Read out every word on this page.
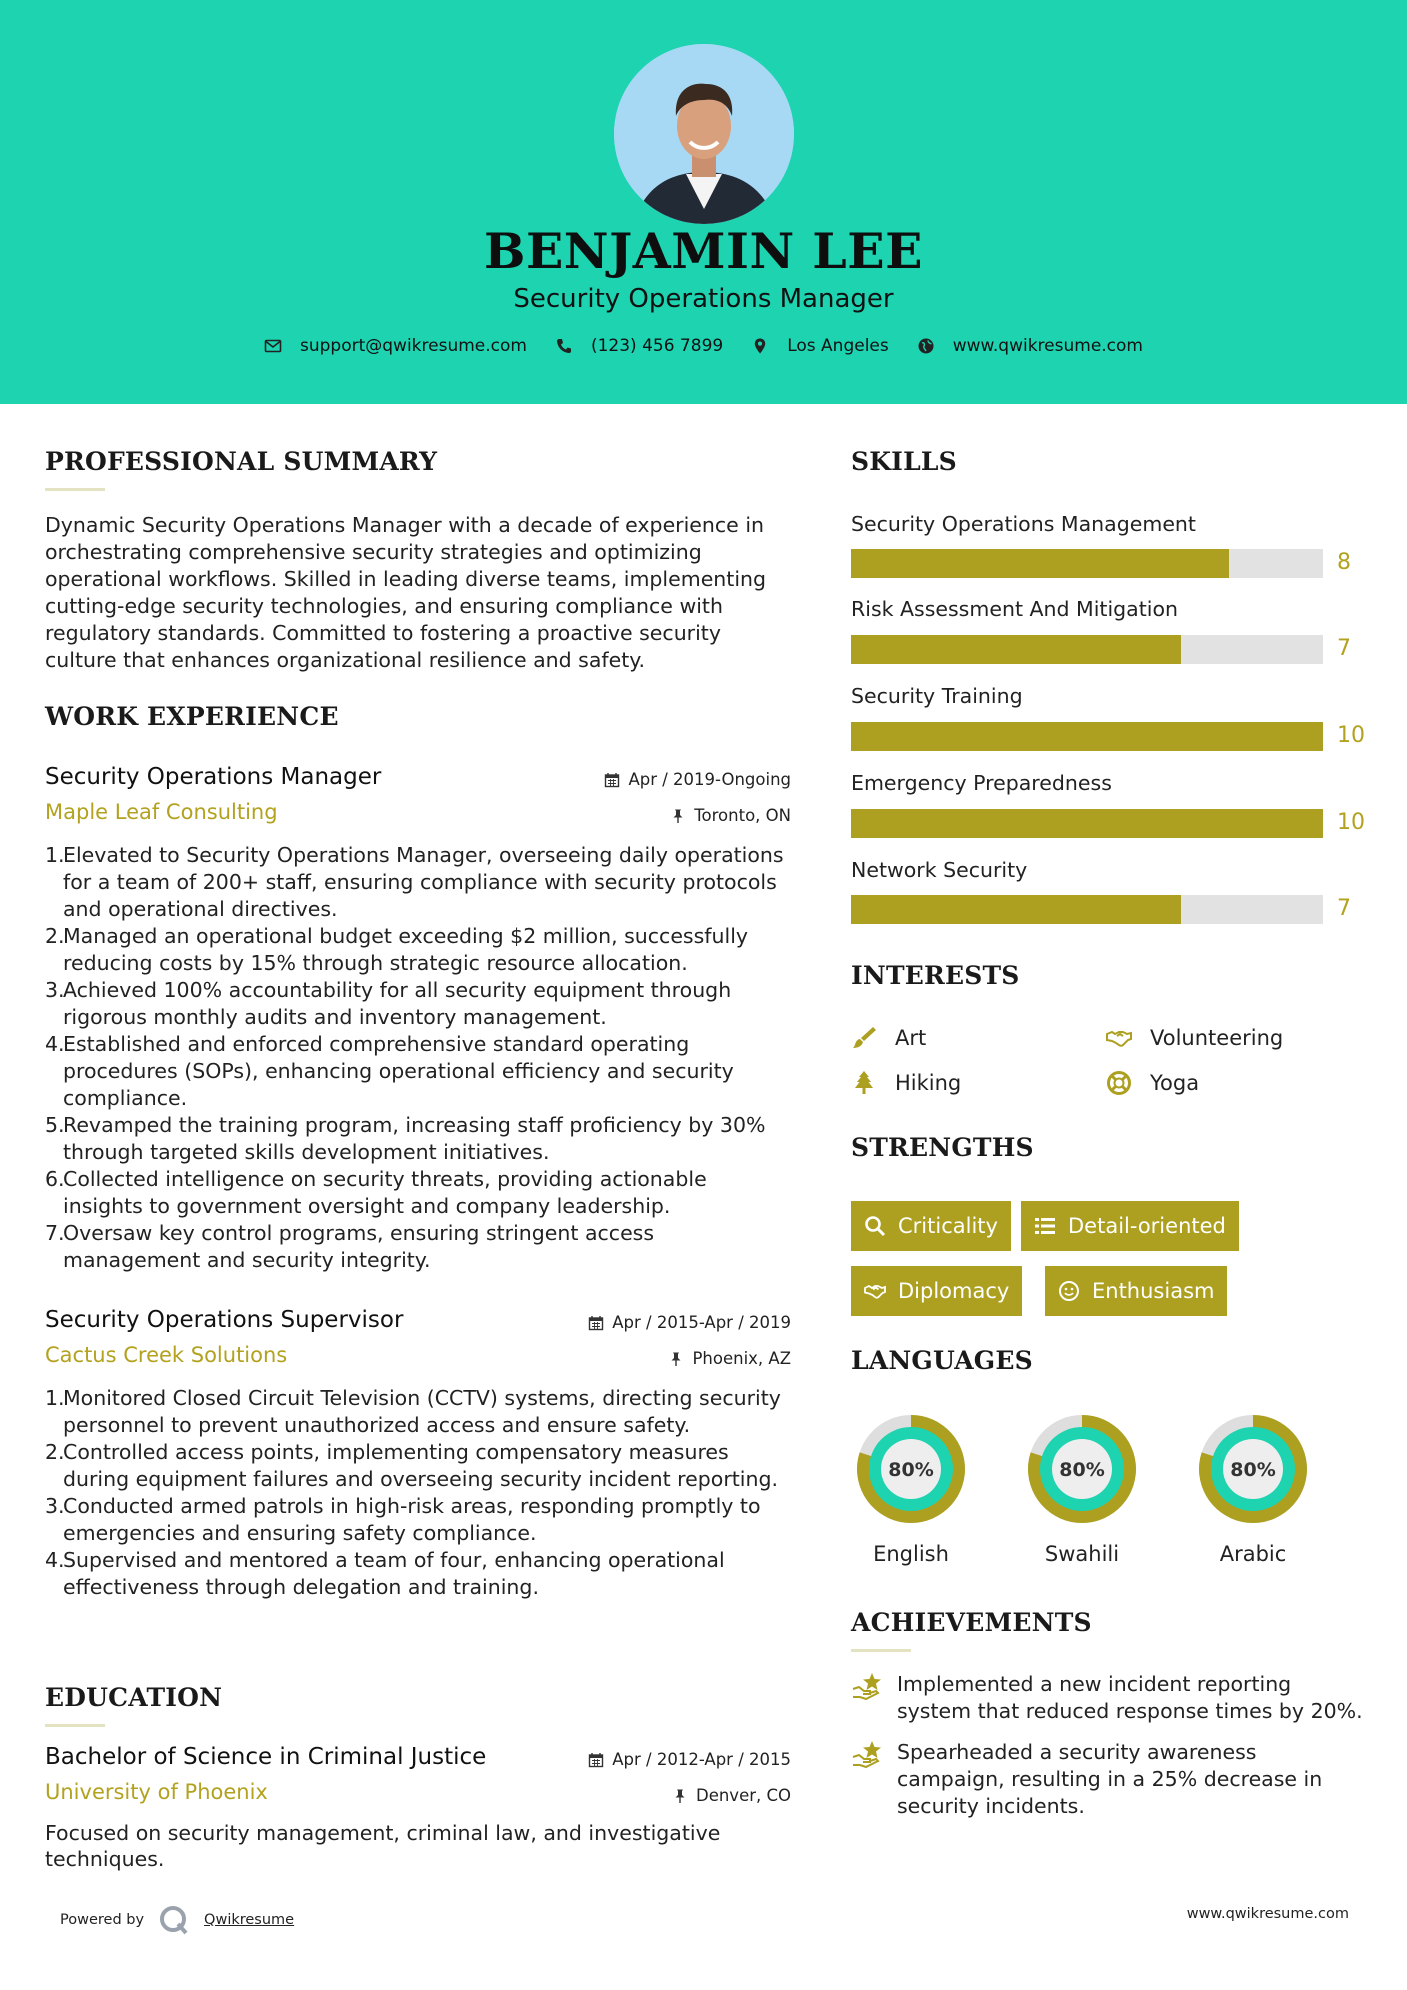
BENJAMIN LEE
Security Operations Manager
support@qwikresume.com	(123) 456 7899	Los Angeles	www.qwikresume.com
PROFESSIONAL SUMMARY
Dynamic Security Operations Manager with a decade of experience in orchestrating comprehensive security strategies and optimizing operational workflows. Skilled in leading diverse teams, implementing cutting-edge security technologies, and ensuring compliance with regulatory standards. Committed to fostering a proactive security culture that enhances organizational resilience and safety.
WORK EXPERIENCE
Security Operations Manager	Apr / 2019-Ongoing
Maple Leaf Consulting	Toronto, ON
1.
Elevated to Security Operations Manager, overseeing daily operations for a team of 200+ staff, ensuring compliance with security protocols and operational directives.
2.
Managed an operational budget exceeding $2 million, successfully reducing costs by 15% through strategic resource allocation.
3.
Achieved 100% accountability for all security equipment through rigorous monthly audits and inventory management.
4.
Established and enforced comprehensive standard operating procedures (SOPs), enhancing operational efficiency and security compliance.
5.
Revamped the training program, increasing staff proficiency by 30% through targeted skills development initiatives.
6.
Collected intelligence on security threats, providing actionable insights to government oversight and company leadership.
7.
Oversaw key control programs, ensuring stringent access management and security integrity.
Security Operations Supervisor	Apr / 2015-Apr / 2019
Cactus Creek Solutions	Phoenix, AZ
1.
Monitored Closed Circuit Television (CCTV) systems, directing security personnel to prevent unauthorized access and ensure safety.
2.
Controlled access points, implementing compensatory measures during equipment failures and overseeing security incident reporting.
3.
Conducted armed patrols in high-risk areas, responding promptly to emergencies and ensuring safety compliance.
4.
Supervised and mentored a team of four, enhancing operational effectiveness through delegation and training.
EDUCATION
Bachelor of Science in Criminal Justice	Apr / 2012-Apr / 2015
University of Phoenix	Denver, CO
Focused on security management, criminal law, and investigative techniques.
SKILLS
Security Operations Management
8
Risk Assessment And Mitigation
7
Security Training
10
Emergency Preparedness
10
Network Security
7
INTERESTS
Art	Volunteering
Hiking	Yoga
STRENGTHS
Criticality	Detail-oriented
Diplomacy	Enthusiasm
LANGUAGES
80%
English
80%
Swahili
80%
Arabic
ACHIEVEMENTS
Implemented a new incident reporting system that reduced response times by 20%.
Spearheaded a security awareness campaign, resulting in a 25% decrease in security incidents.
Powered by	Qwikresume	www.qwikresume.com
